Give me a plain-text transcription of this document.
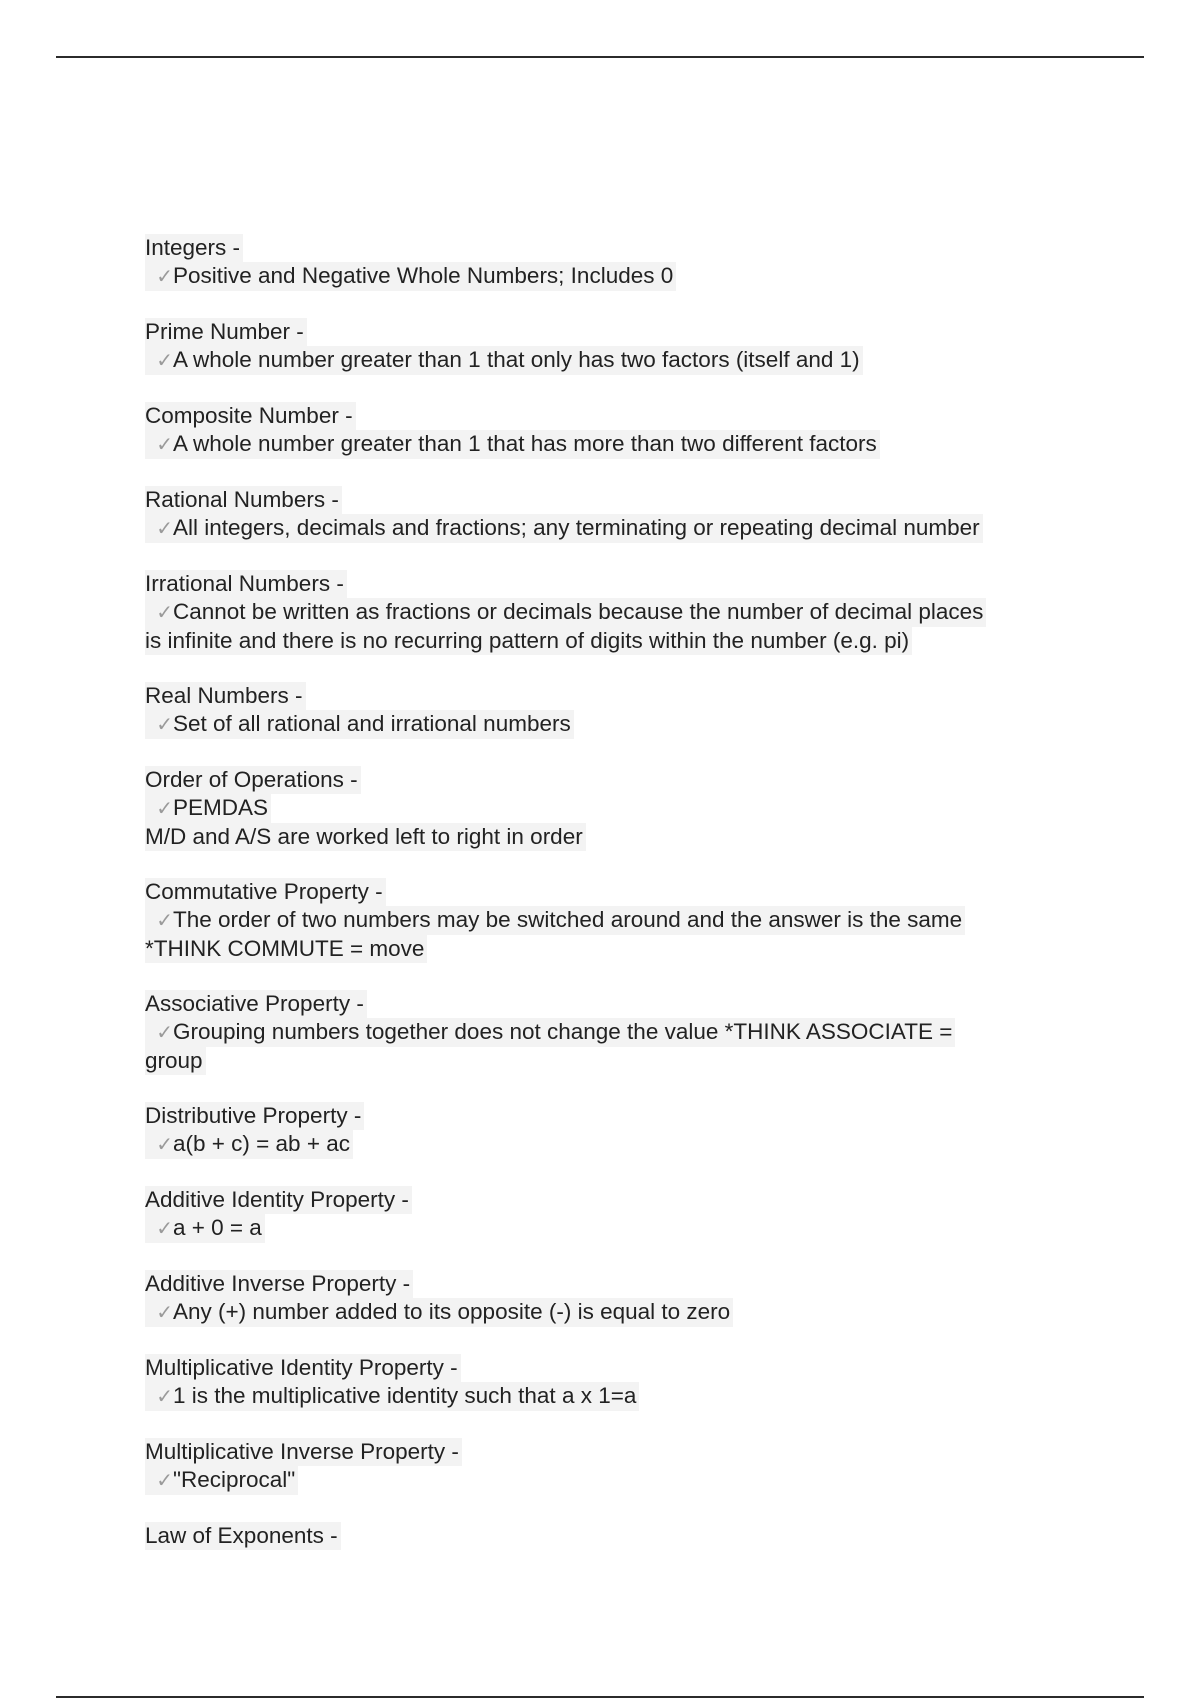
Integers -
✓Positive and Negative Whole Numbers; Includes 0
Prime Number -
✓A whole number greater than 1 that only has two factors (itself and 1)
Composite Number -
✓A whole number greater than 1 that has more than two different factors
Rational Numbers -
✓All integers, decimals and fractions; any terminating or repeating decimal number
Irrational Numbers -
✓Cannot be written as fractions or decimals because the number of decimal places
is infinite and there is no recurring pattern of digits within the number (e.g. pi)
Real Numbers -
✓Set of all rational and irrational numbers
Order of Operations -
✓PEMDAS
M/D and A/S are worked left to right in order
Commutative Property -
✓The order of two numbers may be switched around and the answer is the same
*THINK COMMUTE = move
Associative Property -
✓Grouping numbers together does not change the value *THINK ASSOCIATE =
group
Distributive Property -
✓a(b + c) = ab + ac
Additive Identity Property -
✓a + 0 = a
Additive Inverse Property -
✓Any (+) number added to its opposite (-) is equal to zero
Multiplicative Identity Property -
✓1 is the multiplicative identity such that a x 1=a
Multiplicative Inverse Property -
✓"Reciprocal"
Law of Exponents -
